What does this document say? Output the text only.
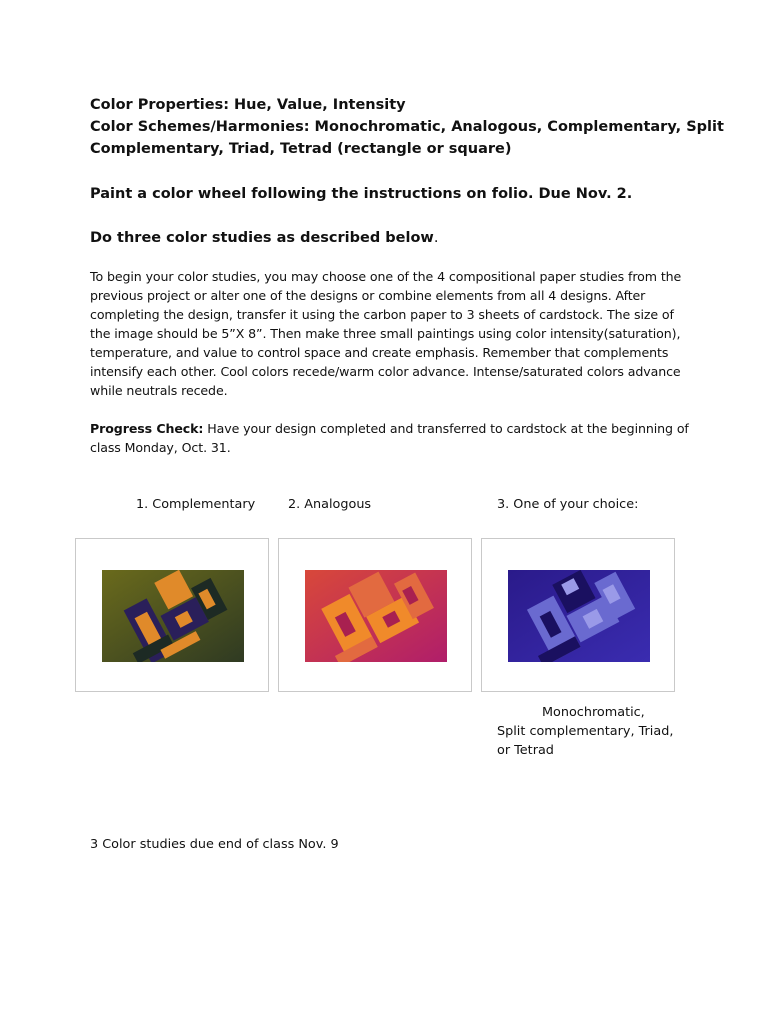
Color Properties: Hue, Value, Intensity
Color Schemes/Harmonies: Monochromatic, Analogous, Complementary, Split
Complementary, Triad, Tetrad (rectangle or square)
Paint a color wheel following the instructions on folio. Due Nov. 2.
Do three color studies as described below.
To begin your color studies, you may choose one of the 4 compositional paper studies from the
previous project or alter one of the designs or combine elements from all 4 designs. After
completing the design, transfer it using the carbon paper to 3 sheets of cardstock. The size of
the image should be 5”X 8”. Then make three small paintings using color intensity(saturation),
temperature, and value to control space and create emphasis. Remember that complements
intensify each other. Cool colors recede/warm color advance. Intense/saturated colors advance
while neutrals recede.
Progress Check: Have your design completed and transferred to cardstock at the beginning of
class Monday, Oct. 31.
1. Complementary	2. Analogous	3. One of your choice:
Monochromatic,
Split complementary, Triad,
or Tetrad
3 Color studies due end of class Nov. 9
